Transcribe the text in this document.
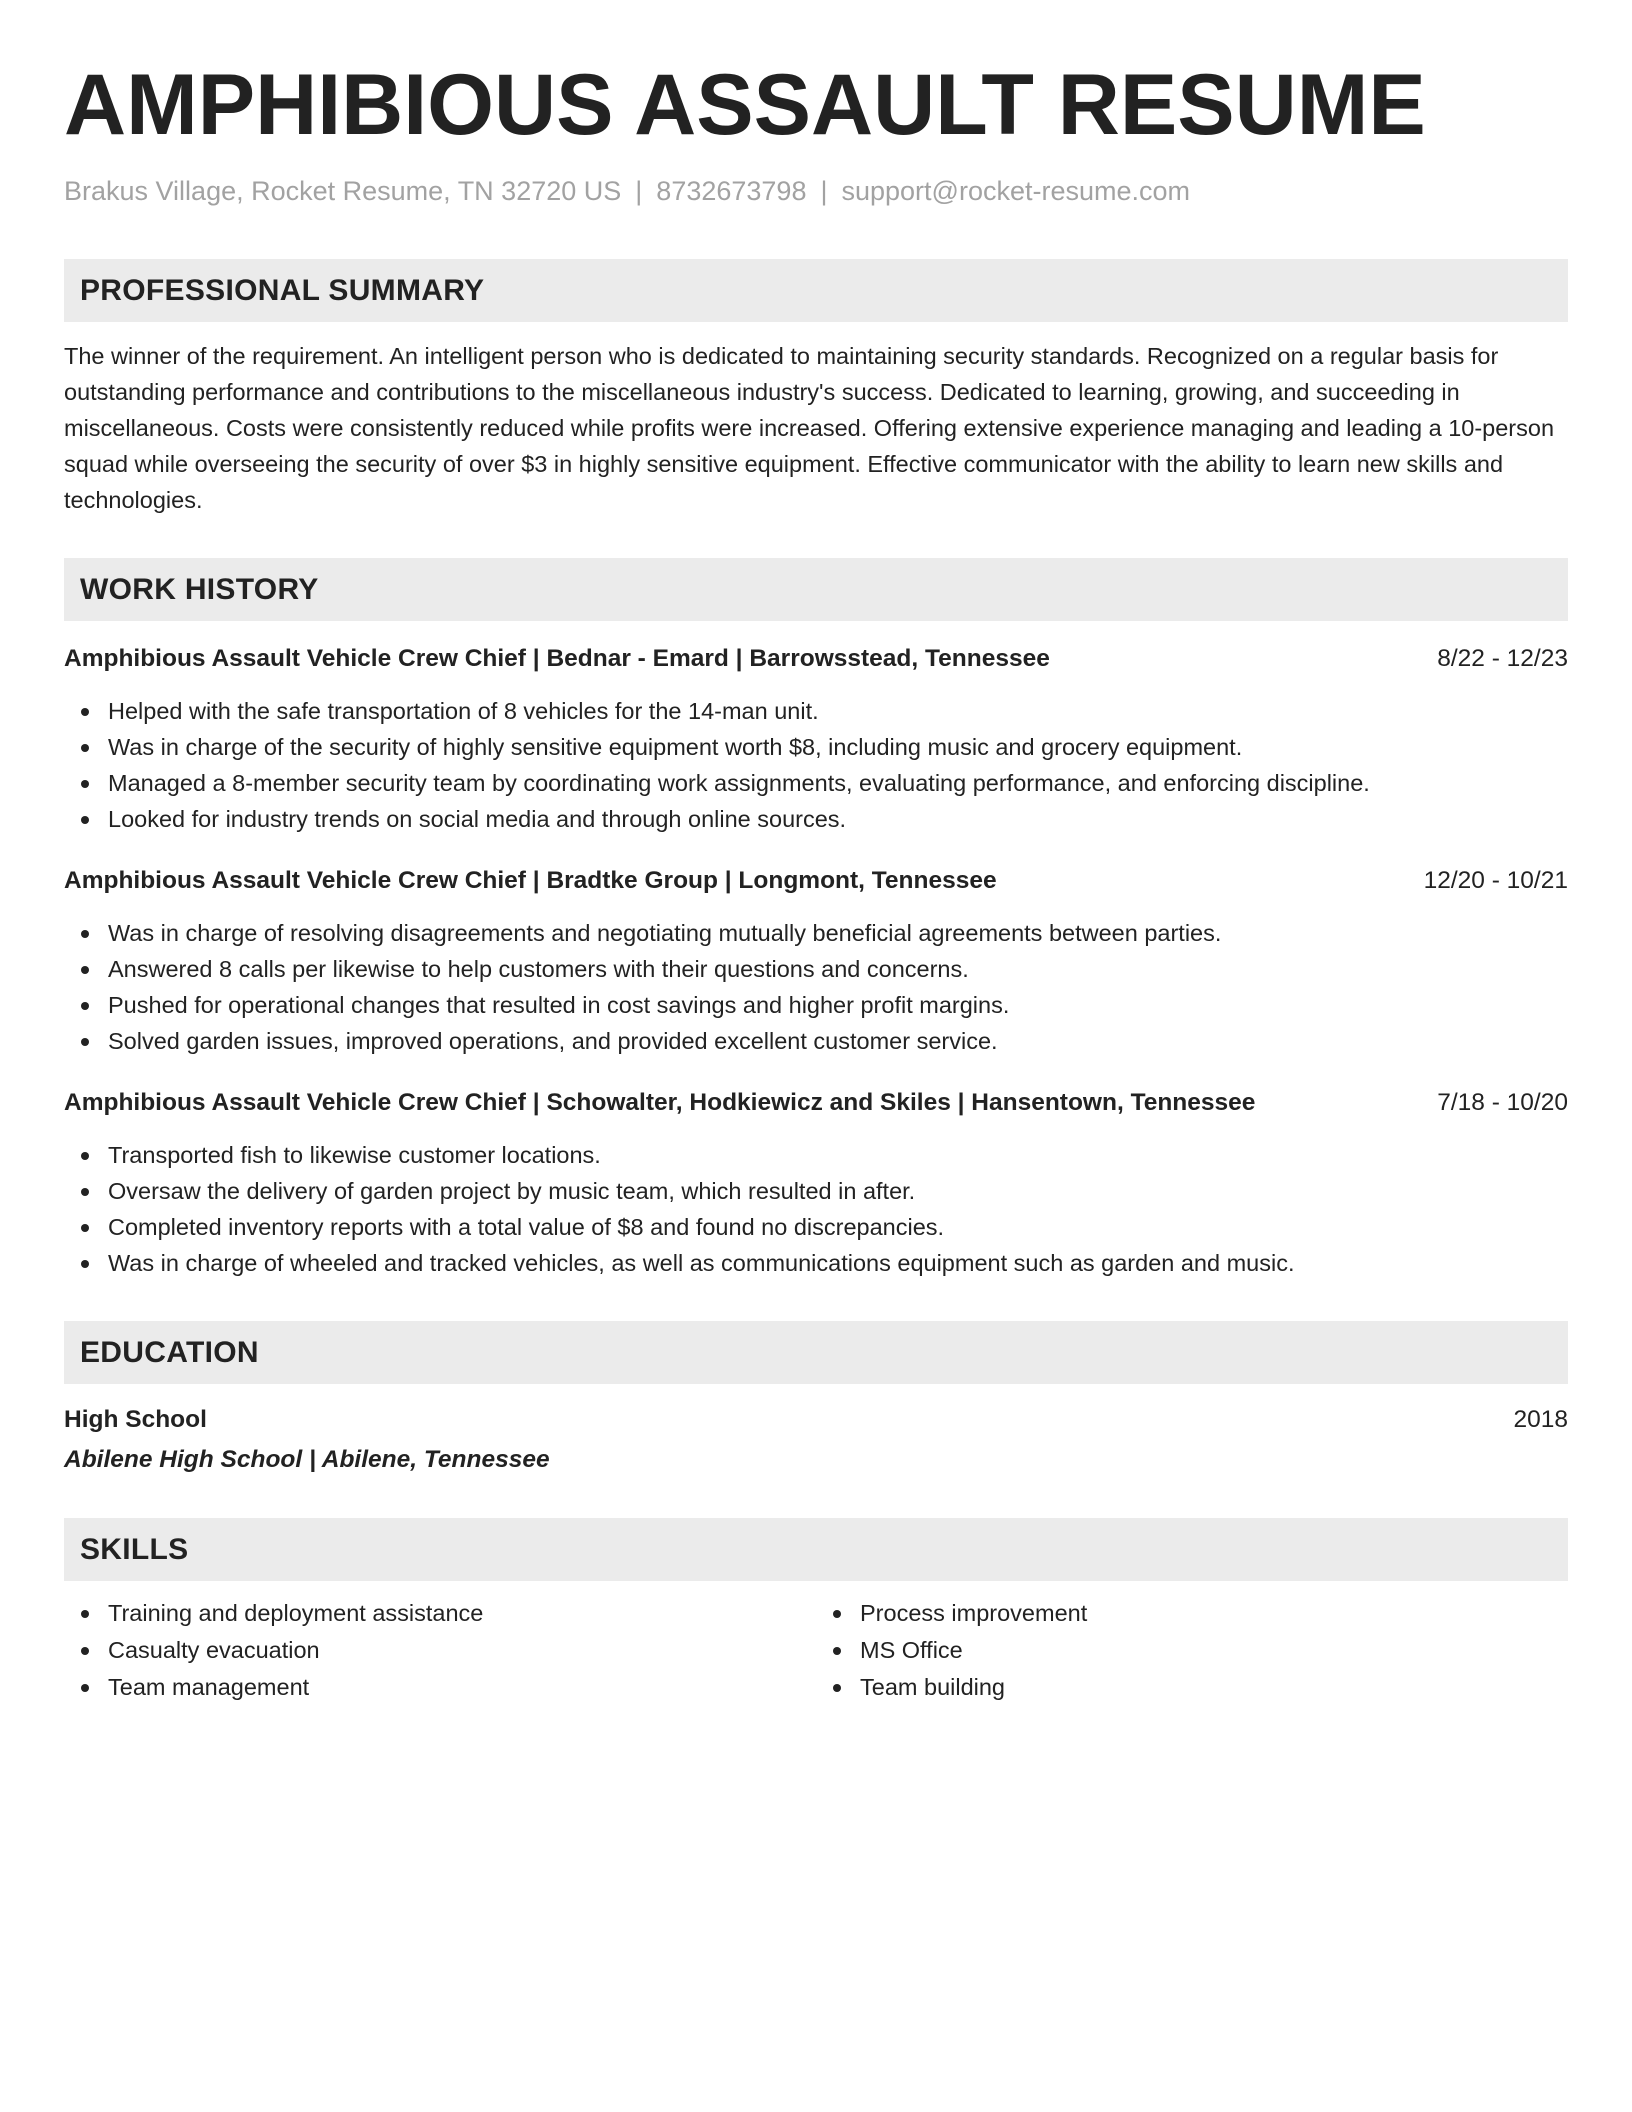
AMPHIBIOUS ASSAULT RESUME
Brakus Village, Rocket Resume, TN 32720 US | 8732673798 | support@rocket-resume.com
PROFESSIONAL SUMMARY
The winner of the requirement. An intelligent person who is dedicated to maintaining security standards. Recognized on a regular basis for outstanding performance and contributions to the miscellaneous industry's success. Dedicated to learning, growing, and succeeding in miscellaneous. Costs were consistently reduced while profits were increased. Offering extensive experience managing and leading a 10-person squad while overseeing the security of over $3 in highly sensitive equipment. Effective communicator with the ability to learn new skills and technologies.
WORK HISTORY
Amphibious Assault Vehicle Crew Chief | Bednar - Emard | Barrowsstead, Tennessee	8/22 - 12/23
Helped with the safe transportation of 8 vehicles for the 14-man unit.
Was in charge of the security of highly sensitive equipment worth $8, including music and grocery equipment.
Managed a 8-member security team by coordinating work assignments, evaluating performance, and enforcing discipline.
Looked for industry trends on social media and through online sources.
Amphibious Assault Vehicle Crew Chief | Bradtke Group | Longmont, Tennessee	12/20 - 10/21
Was in charge of resolving disagreements and negotiating mutually beneficial agreements between parties.
Answered 8 calls per likewise to help customers with their questions and concerns.
Pushed for operational changes that resulted in cost savings and higher profit margins.
Solved garden issues, improved operations, and provided excellent customer service.
Amphibious Assault Vehicle Crew Chief | Schowalter, Hodkiewicz and Skiles | Hansentown, Tennessee	7/18 - 10/20
Transported fish to likewise customer locations.
Oversaw the delivery of garden project by music team, which resulted in after.
Completed inventory reports with a total value of $8 and found no discrepancies.
Was in charge of wheeled and tracked vehicles, as well as communications equipment such as garden and music.
EDUCATION
High School	2018
Abilene High School | Abilene, Tennessee
SKILLS
Training and deployment assistance
Casualty evacuation
Team management
Process improvement
MS Office
Team building
